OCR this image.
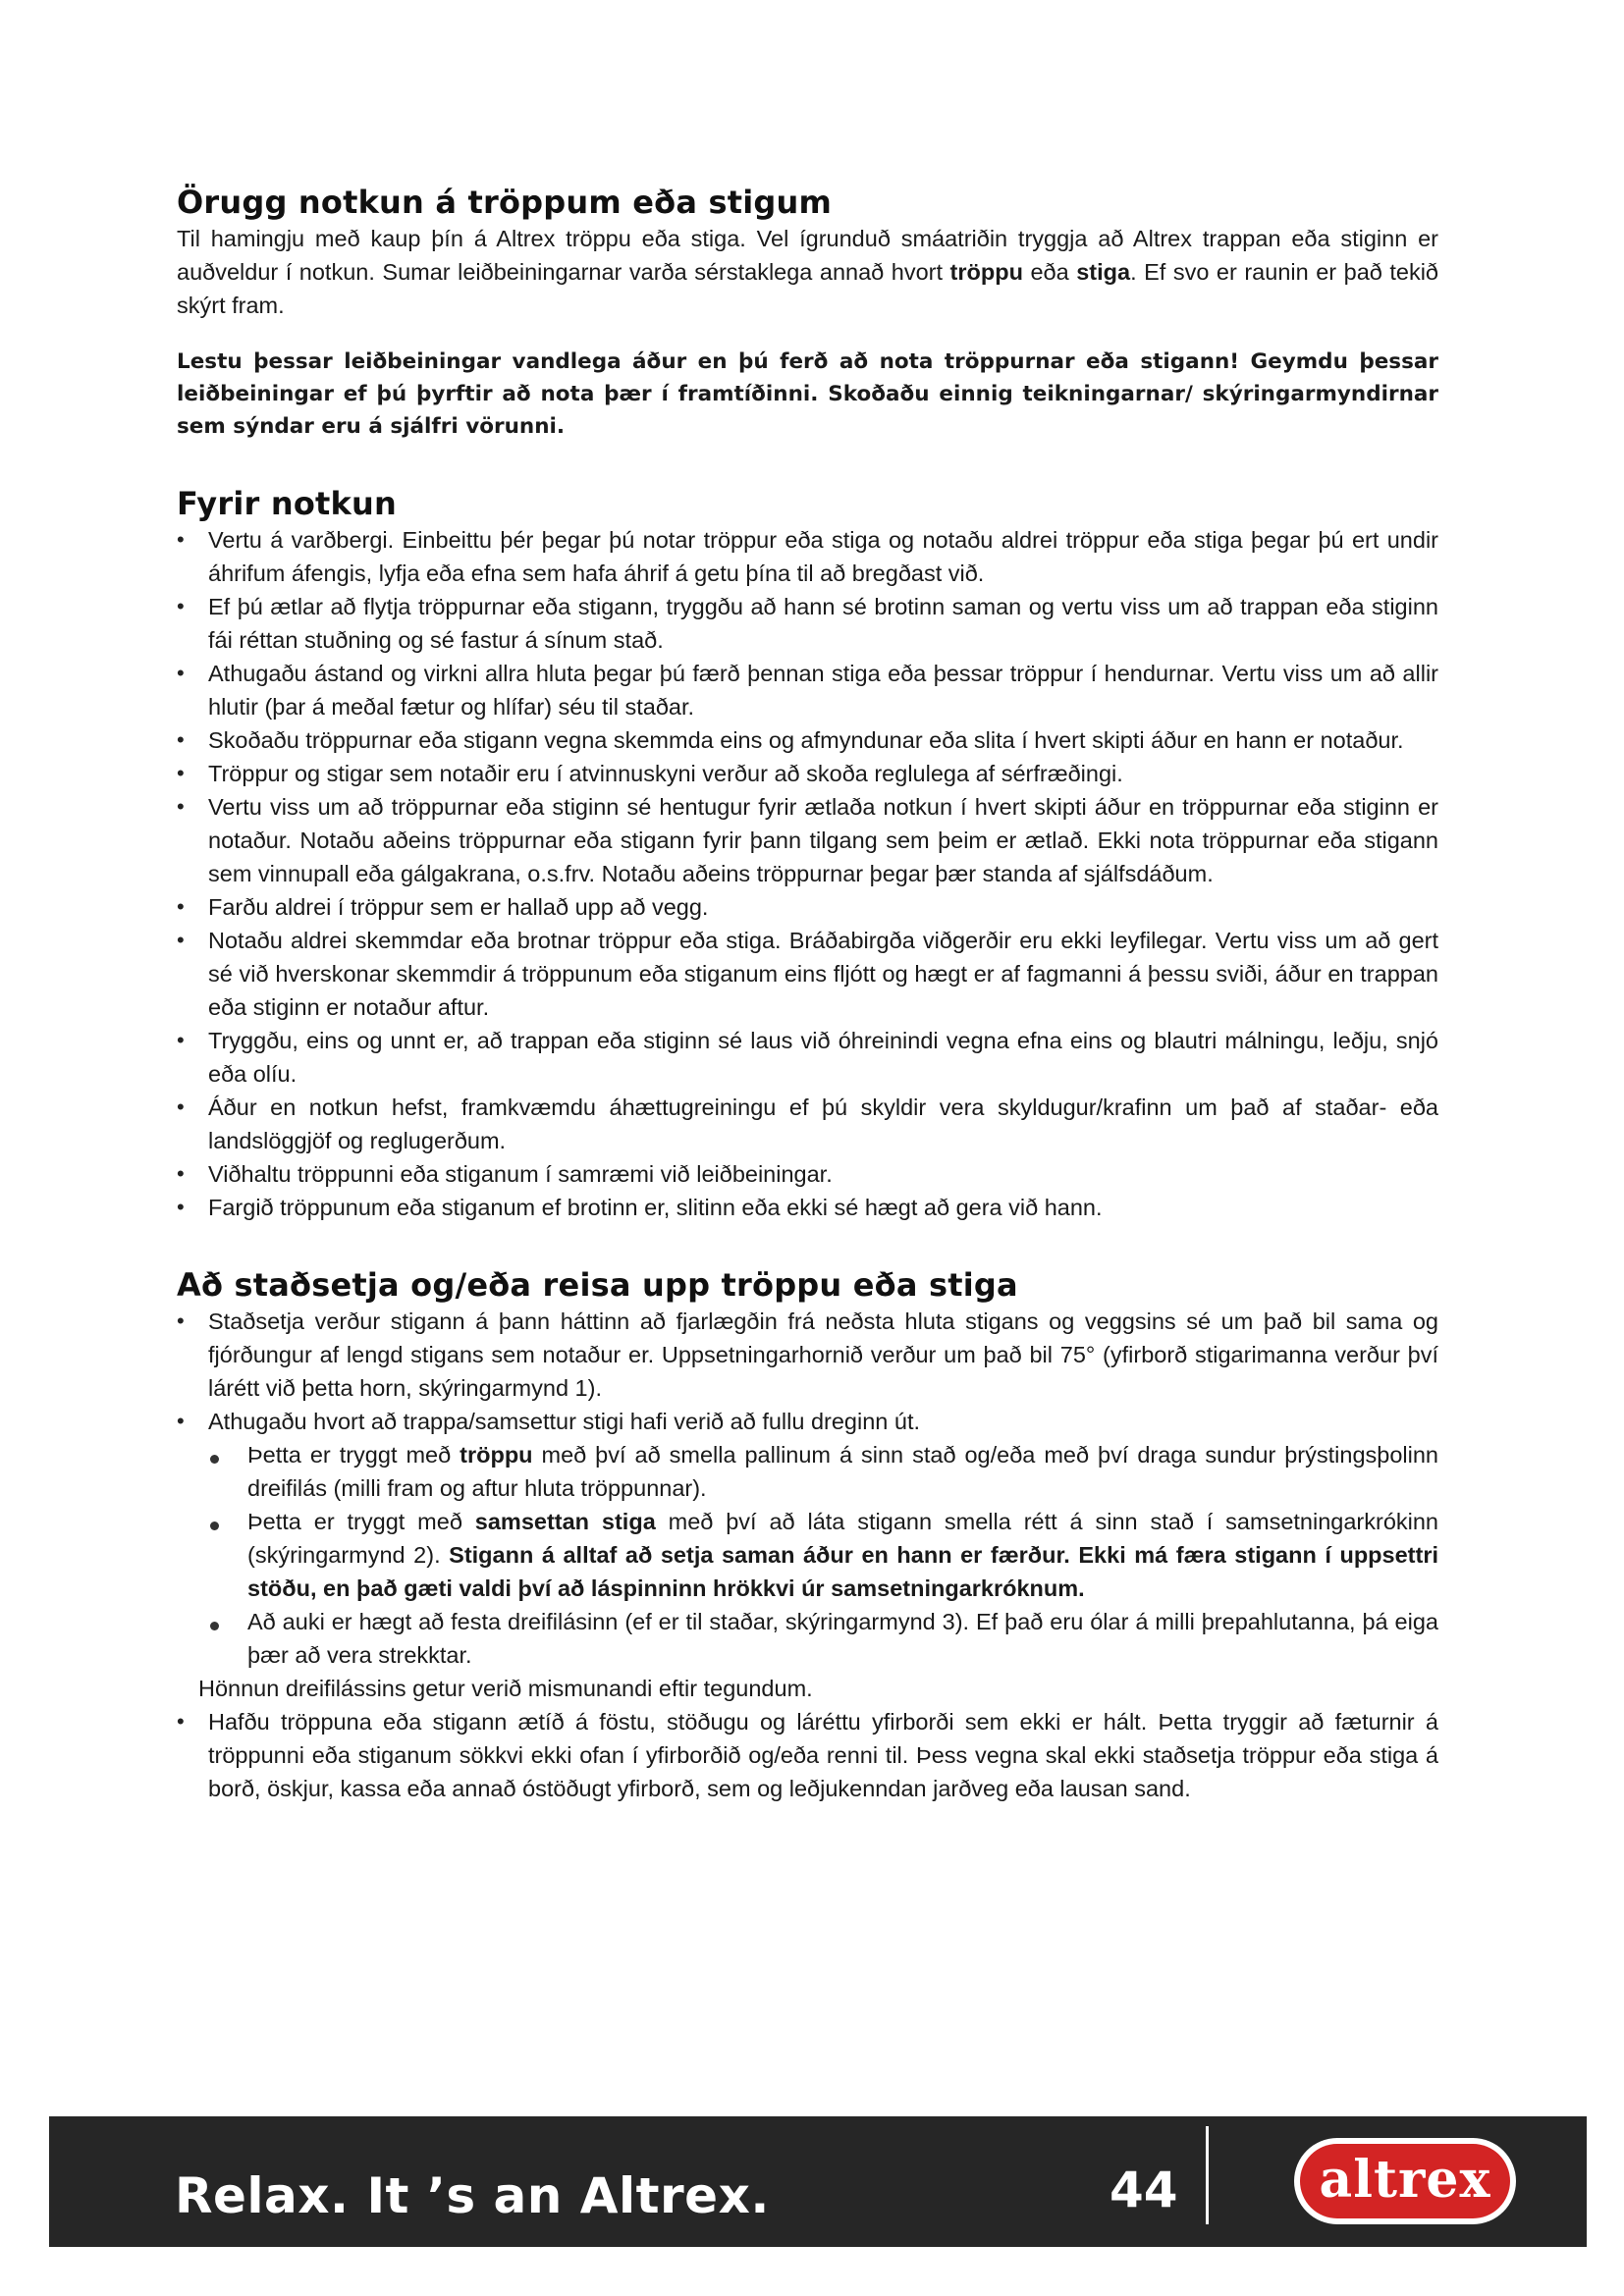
Örugg notkun á tröppum eða stigum

Til hamingju með kaup þín á Altrex tröppu eða stiga. Vel ígrunduð smáatriðin tryggja að Altrex trappan eða stiginn er auðveldur í notkun. Sumar leiðbeiningarnar varða sérstaklega annað hvort tröppu eða stiga. Ef svo er raunin er það tekið skýrt fram.

Lestu þessar leiðbeiningar vandlega áður en þú ferð að nota tröppurnar eða stigann! Geymdu þessar leiðbeiningar ef þú þyrftir að nota þær í framtíðinni. Skoðaðu einnig teikningarnar/ skýringarmyndirnar sem sýndar eru á sjálfri vörunni.

Fyrir notkun
• Vertu á varðbergi. Einbeittu þér þegar þú notar tröppur eða stiga og notaðu aldrei tröppur eða stiga þegar þú ert undir áhrifum áfengis, lyfja eða efna sem hafa áhrif á getu þína til að bregðast við.
• Ef þú ætlar að flytja tröppurnar eða stigann, tryggðu að hann sé brotinn saman og vertu viss um að trappan eða stiginn fái réttan stuðning og sé fastur á sínum stað.
• Athugaðu ástand og virkni allra hluta þegar þú færð þennan stiga eða þessar tröppur í hendurnar. Vertu viss um að allir hlutir (þar á meðal fætur og hlífar) séu til staðar.
• Skoðaðu tröppurnar eða stigann vegna skemmda eins og afmyndunar eða slita í hvert skipti áður en hann er notaður.
• Tröppur og stigar sem notaðir eru í atvinnuskyni verður að skoða reglulega af sérfræðingi.
• Vertu viss um að tröppurnar eða stiginn sé hentugur fyrir ætlaða notkun í hvert skipti áður en tröppurnar eða stiginn er notaður. Notaðu aðeins tröppurnar eða stigann fyrir þann tilgang sem þeim er ætlað. Ekki nota tröppurnar eða stigann sem vinnupall eða gálgakrana, o.s.frv. Notaðu aðeins tröppurnar þegar þær standa af sjálfsdáðum.
• Farðu aldrei í tröppur sem er hallað upp að vegg.
• Notaðu aldrei skemmdar eða brotnar tröppur eða stiga. Bráðabirgða viðgerðir eru ekki leyfilegar. Vertu viss um að gert sé við hverskonar skemmdir á tröppunum eða stiganum eins fljótt og hægt er af fagmanni á þessu sviði, áður en trappan eða stiginn er notaður aftur.
• Tryggðu, eins og unnt er, að trappan eða stiginn sé laus við óhreinindi vegna efna eins og blautri málningu, leðju, snjó eða olíu.
• Áður en notkun hefst, framkvæmdu áhættugreiningu ef þú skyldir vera skyldugur/krafinn um það af staðar- eða landslöggjöf og reglugerðum.
• Viðhaltu tröppunni eða stiganum í samræmi við leiðbeiningar.
• Fargið tröppunum eða stiganum ef brotinn er, slitinn eða ekki sé hægt að gera við hann.
Að staðsetja og/eða reisa upp tröppu eða stiga
• Staðsetja verður stigann á þann háttinn að fjarlægðin frá neðsta hluta stigans og veggsins sé um það bil sama og fjórðungur af lengd stigans sem notaður er. Uppsetningarhornið verður um það bil 75° (yfirborð stigarimanna verður því lárétt við þetta horn, skýringarmynd 1).
• Athugaðu hvort að trappa/samsettur stigi hafi verið að fullu dreginn út.
Þetta er tryggt með tröppu með því að smella pallinum á sinn stað og/eða með því draga sundur þrýstingsþolinn dreifilás (milli fram og aftur hluta tröppunnar).
Þetta er tryggt með samsettan stiga með því að láta stigann smella rétt á sinn stað í samsetningarkrókinn (skýringarmynd 2). Stigann á alltaf að setja saman áður en hann er færður. Ekki má færa stigann í uppsettri stöðu, en það gæti valdi því að láspinninn hrökkvi úr samsetningarkróknum.
Að auki er hægt að festa dreifilásinn (ef er til staðar, skýringarmynd 3). Ef það eru ólar á milli þrepahlutanna, þá eiga þær að vera strekktar.

Hönnun dreifilássins getur verið mismunandi eftir tegundum.

• Hafðu tröppuna eða stigann ætíð á föstu, stöðugu og láréttu yfirborði sem ekki er hált. Þetta tryggir að fæturnir á tröppunni eða stiganum sökkvi ekki ofan í yfirborðið og/eða renni til. Þess vegna skal ekki staðsetja tröppur eða stiga á borð, öskjur, kassa eða annað óstöðugt yfirborð, sem og leðjukenndan jarðveg eða lausan sand.
Relax. It ’s an Altrex.	44	altrex
